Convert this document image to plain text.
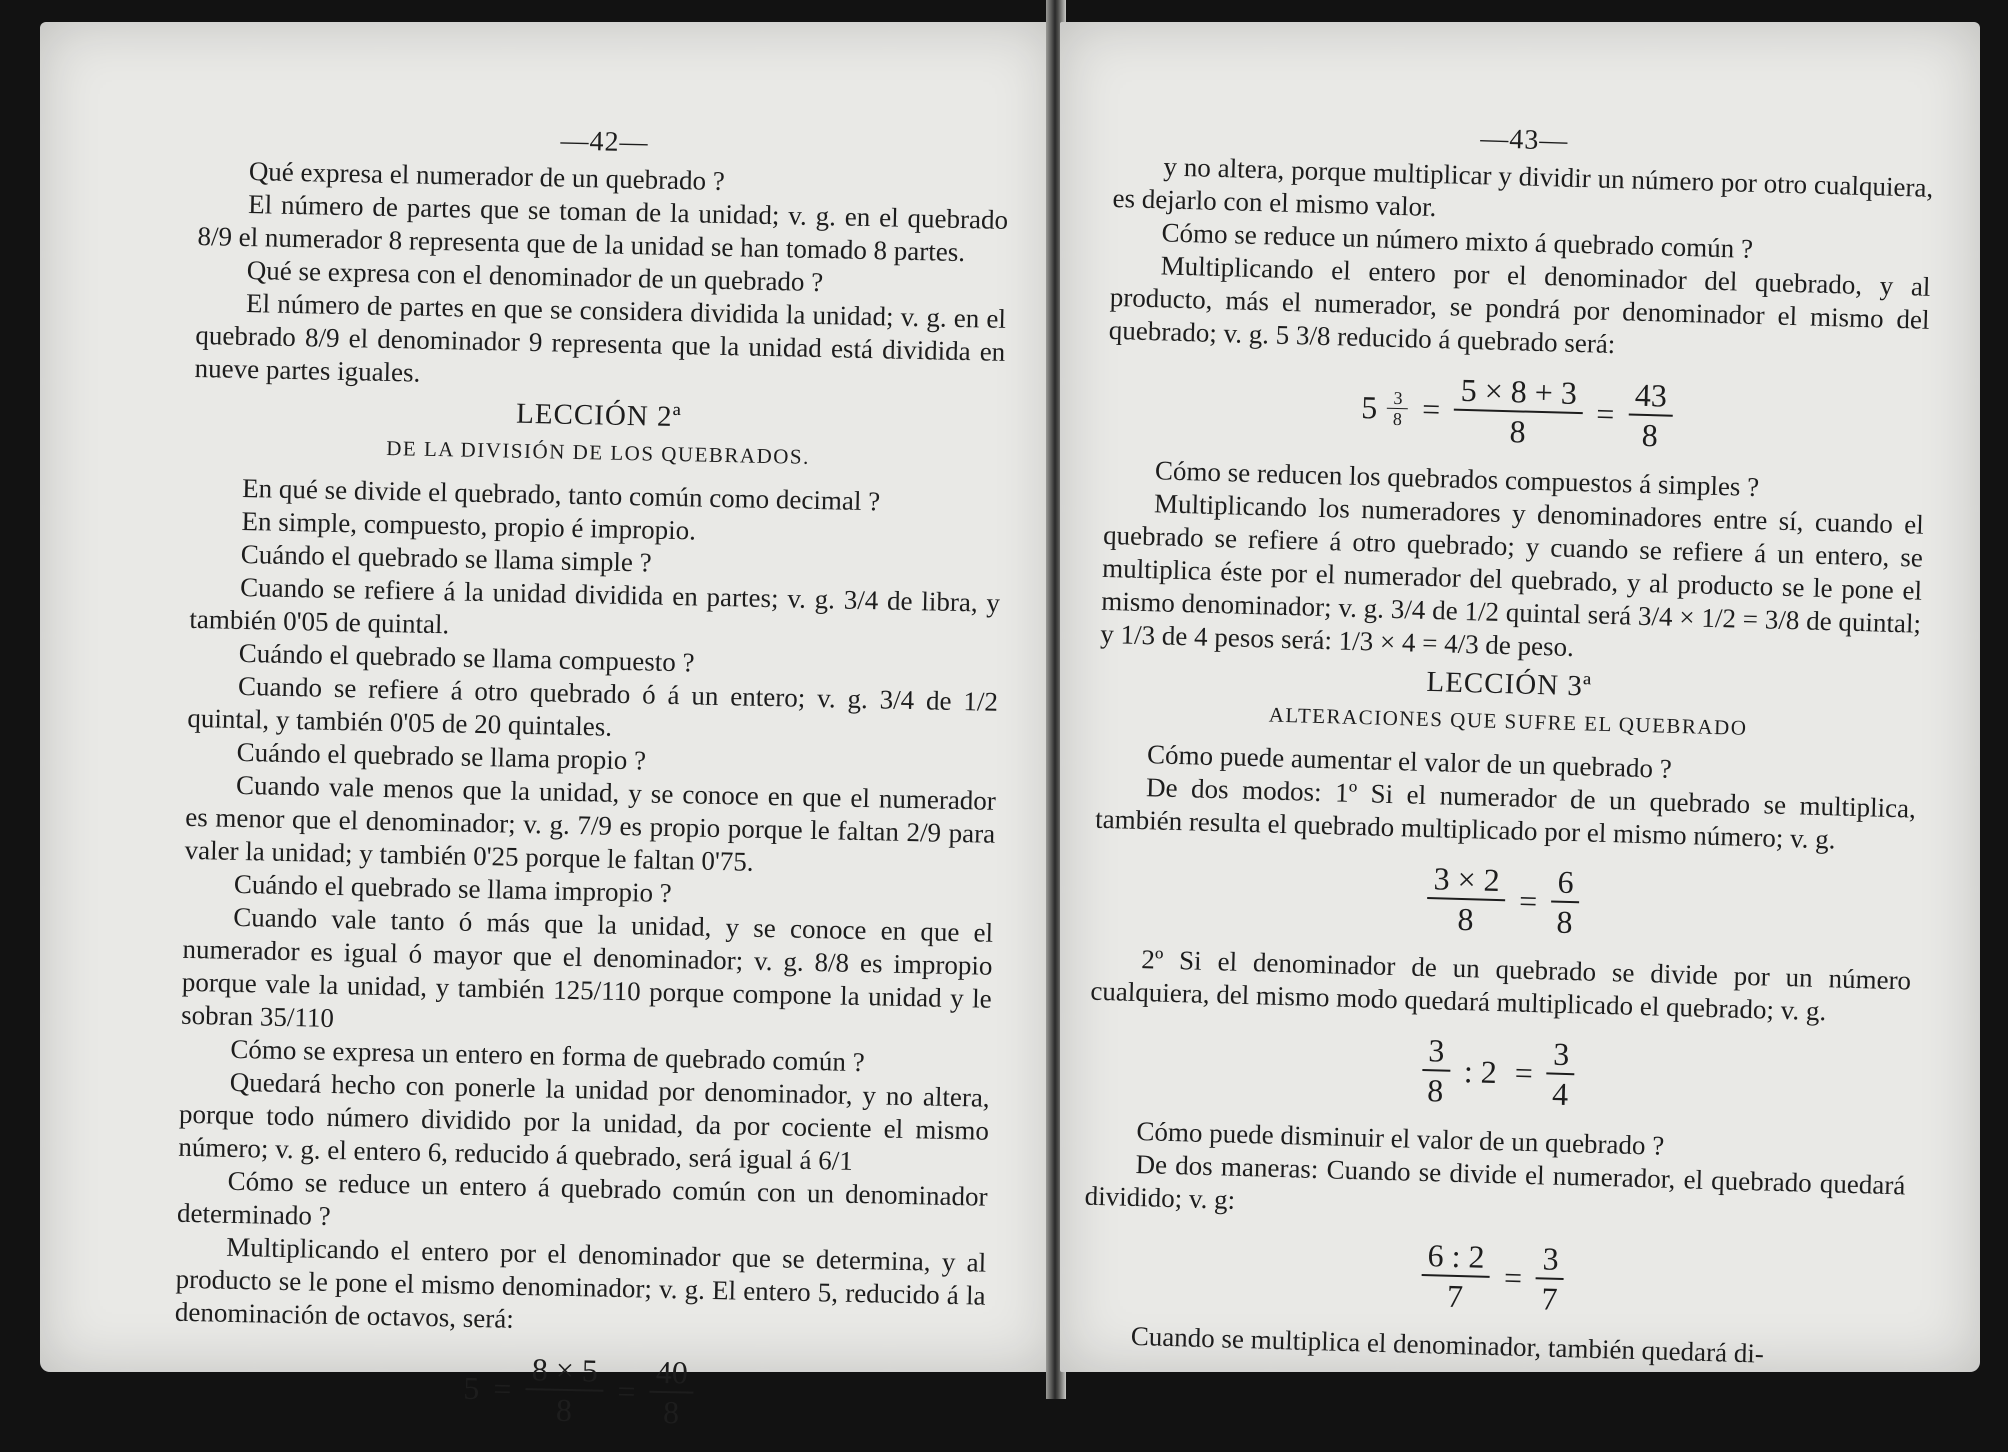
—42—

Qué expresa el numerador de un quebrado ?

El número de partes que se toman de la unidad; v. g. en el quebrado 8/9 el numerador 8 representa que de la unidad se han tomado 8 partes.

Qué se expresa con el denominador de un quebrado ?

El número de partes en que se considera dividida la unidad; v. g. en el quebrado 8/9 el denominador 9 representa que la unidad está dividida en nueve partes iguales.

LECCIÓN 2ª
DE LA DIVISIÓN DE LOS QUEBRADOS.

En qué se divide el quebrado, tanto común como decimal ?

En simple, compuesto, propio é impropio.

Cuándo el quebrado se llama simple ?

Cuando se refiere á la unidad dividida en partes; v. g. 3/4 de libra, y también 0'05 de quintal.

Cuándo el quebrado se llama compuesto ?

Cuando se refiere á otro quebrado ó á un entero; v. g. 3/4 de 1/2 quintal, y también 0'05 de 20 quintales.

Cuándo el quebrado se llama propio ?

Cuando vale menos que la unidad, y se conoce en que el numerador es menor que el denominador; v. g. 7/9 es propio porque le faltan 2/9 para valer la unidad; y también 0'25 porque le faltan 0'75.

Cuándo el quebrado se llama impropio ?

Cuando vale tanto ó más que la unidad, y se conoce en que el numerador es igual ó mayor que el denominador; v. g. 8/8 es impropio porque vale la unidad, y también 125/110 porque compone la unidad y le sobran 35/110

Cómo se expresa un entero en forma de quebrado común ?

Quedará hecho con ponerle la unidad por denominador, y no altera, porque todo número dividido por la unidad, da por cociente el mismo número; v. g. el entero 6, reducido á quebrado, será igual á 6/1

Cómo se reduce un entero á quebrado común con un denominador determinado ?

Multiplicando el entero por el denominador que se determina, y al producto se le pone el mismo denominador; v. g. El entero 5, reducido á la denominación de octavos, será:

$5 = \frac{8 \times 5}{8} = \frac{40}{8}$
—43—

y no altera, porque multiplicar y dividir un número por otro cualquiera, es dejarlo con el mismo valor.

Cómo se reduce un número mixto á quebrado común ?

Multiplicando el entero por el denominador del quebrado, y al producto, más el numerador, se pondrá por denominador el mismo del quebrado; v. g. 5 3/8 reducido á quebrado será:

$5 \frac{3}{8} = \frac{5 \times 8 + 3}{8} = \frac{43}{8}$

Cómo se reducen los quebrados compuestos á simples ?

Multiplicando los numeradores y denominadores entre sí, cuando el quebrado se refiere á otro quebrado; y cuando se refiere á un entero, se multiplica éste por el numerador del quebrado, y al producto se le pone el mismo denominador; v. g. 3/4 de 1/2 quintal será 3/4 × 1/2 = 3/8 de quintal; y 1/3 de 4 pesos será: 1/3 × 4 = 4/3 de peso.

LECCIÓN 3ª
ALTERACIONES QUE SUFRE EL QUEBRADO

Cómo puede aumentar el valor de un quebrado ?

De dos modos: 1º Si el numerador de un quebrado se multiplica, también resulta el quebrado multiplicado por el mismo número; v. g.

$\frac{3 \times 2}{8} = \frac{6}{8}$

2º Si el denominador de un quebrado se divide por un número cualquiera, del mismo modo quedará multiplicado el quebrado; v. g.

$\frac{3}{8}$ : $2 = \frac{3}{4}$

Cómo puede disminuir el valor de un quebrado ?

De dos maneras: Cuando se divide el numerador, el quebrado quedará dividido; v. g:

$\frac{6 : 2}{7} = \frac{3}{7}$

Cuando se multiplica el denominador, también quedará di-
